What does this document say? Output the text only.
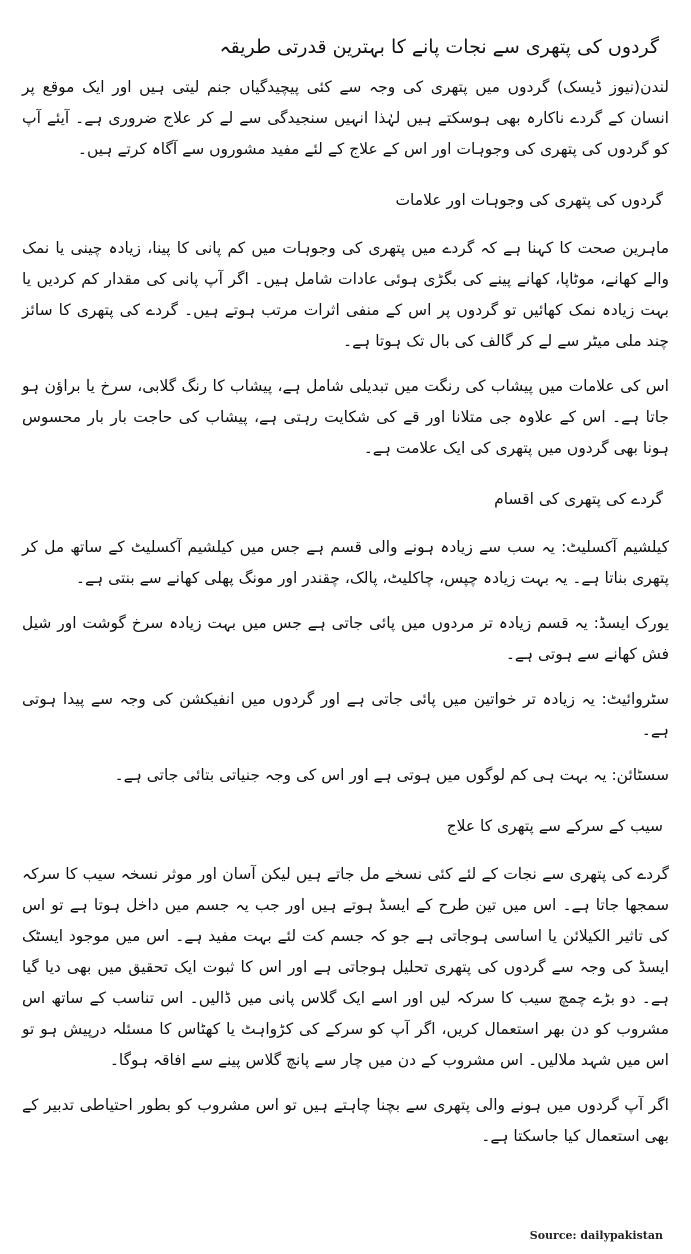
گردوں کی پتھری سے نجات پانے کا بہترین قدرتی طریقہ

لندن(نیوز ڈیسک) گردوں میں پتھری کی وجہ سے کئی پیچیدگیاں جنم لیتی ہیں اور ایک موقع پر انسان کے گردے ناکارہ بھی ہوسکتے ہیں لہٰذا انہیں سنجیدگی سے لے کر علاج ضروری ہے۔ آیئے آپ کو گردوں کی پتھری کی وجوہات اور اس کے علاج کے لئے مفید مشوروں سے آگاہ کرتے ہیں۔

گردوں کی پتھری کی وجوہات اور علامات

ماہرین صحت کا کہنا ہے کہ گردے میں پتھری کی وجوہات میں کم پانی کا پینا، زیادہ چینی یا نمک والے کھانے، موٹاپا، کھانے پینے کی بگڑی ہوئی عادات شامل ہیں۔ اگر آپ پانی کی مقدار کم کردیں یا بہت زیادہ نمک کھائیں تو گردوں پر اس کے منفی اثرات مرتب ہوتے ہیں۔ گردے کی پتھری کا سائز چند ملی میٹر سے لے کر گالف کی بال تک ہوتا ہے۔

اس کی علامات میں پیشاب کی رنگت میں تبدیلی شامل ہے، پیشاب کا رنگ گلابی، سرخ یا براؤن ہو جاتا ہے۔ اس کے علاوہ جی متلانا اور قے کی شکایت رہتی ہے، پیشاب کی حاجت بار بار محسوس ہونا بھی گردوں میں پتھری کی ایک علامت ہے۔

گردے کی پتھری کی اقسام

کیلشیم آکسلیٹ: یہ سب سے زیادہ ہونے والی قسم ہے جس میں کیلشیم آکسلیٹ کے ساتھ مل کر پتھری بناتا ہے۔ یہ بہت زیادہ چپس، چاکلیٹ، پالک، چقندر اور مونگ پھلی کھانے سے بنتی ہے۔

یورک ایسڈ: یہ قسم زیادہ تر مردوں میں پائی جاتی ہے جس میں بہت زیادہ سرخ گوشت اور شیل فش کھانے سے ہوتی ہے۔

سٹروائیٹ: یہ زیادہ تر خواتین میں پائی جاتی ہے اور گردوں میں انفیکشن کی وجہ سے پیدا ہوتی ہے۔

سسٹائن: یہ بہت ہی کم لوگوں میں ہوتی ہے اور اس کی وجہ جنیاتی بتائی جاتی ہے۔

سیب کے سرکے سے پتھری کا علاج

گردے کی پتھری سے نجات کے لئے کئی نسخے مل جاتے ہیں لیکن آسان اور موثر نسخہ سیب کا سرکہ سمجھا جاتا ہے۔ اس میں تین طرح کے ایسڈ ہوتے ہیں اور جب یہ جسم میں داخل ہوتا ہے تو اس کی تاثیر الکیلائن یا اساسی ہوجاتی ہے جو کہ جسم کت لئے بہت مفید ہے۔ اس میں موجود ایسٹک ایسڈ کی وجہ سے گردوں کی پتھری تحلیل ہوجاتی ہے اور اس کا ثبوت ایک تحقیق میں بھی دیا گیا ہے۔ دو بڑے چمچ سیب کا سرکہ لیں اور اسے ایک گلاس پانی میں ڈالیں۔ اس تناسب کے ساتھ اس مشروب کو دن بھر استعمال کریں، اگر آپ کو سرکے کی کڑواہٹ یا کھٹاس کا مسئلہ درپیش ہو تو اس میں شہد ملالیں۔ اس مشروب کے دن میں چار سے پانچ گلاس پینے سے افاقہ ہوگا۔

اگر آپ گردوں میں ہونے والی پتھری سے بچنا چاہتے ہیں تو اس مشروب کو بطور احتیاطی تدبیر کے بھی استعمال کیا جاسکتا ہے۔

Source: dailypakistan
